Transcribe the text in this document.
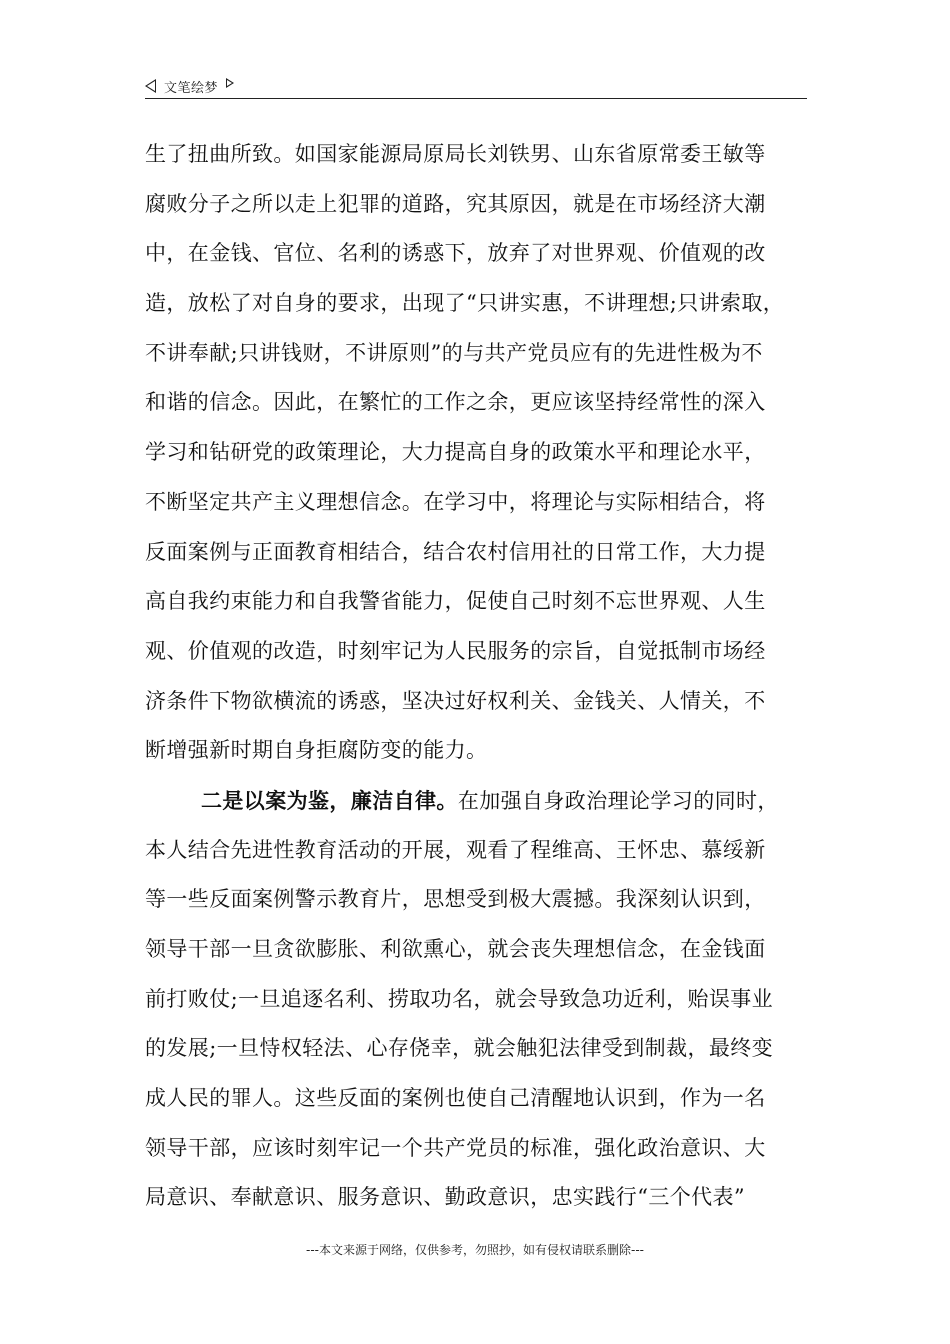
文笔绘梦
生了扭曲所致。如国家能源局原局长刘铁男、山东省原常委王敏等
腐败分子之所以走上犯罪的道路，究其原因，就是在市场经济大潮
中，在金钱、官位、名利的诱惑下，放弃了对世界观、价值观的改
造，放松了对自身的要求，出现了“只讲实惠，不讲理想;只讲索取，
不讲奉献;只讲钱财，不讲原则”的与共产党员应有的先进性极为不
和谐的信念。因此，在繁忙的工作之余，更应该坚持经常性的深入
学习和钻研党的政策理论，大力提高自身的政策水平和理论水平，
不断坚定共产主义理想信念。在学习中，将理论与实际相结合，将
反面案例与正面教育相结合，结合农村信用社的日常工作，大力提
高自我约束能力和自我警省能力，促使自己时刻不忘世界观、人生
观、价值观的改造，时刻牢记为人民服务的宗旨，自觉抵制市场经
济条件下物欲横流的诱惑，坚决过好权利关、金钱关、人情关，不
断增强新时期自身拒腐防变的能力。
二是以案为鉴，廉洁自律。在加强自身政治理论学习的同时，
本人结合先进性教育活动的开展，观看了程维高、王怀忠、慕绥新
等一些反面案例警示教育片，思想受到极大震撼。我深刻认识到，
领导干部一旦贪欲膨胀、利欲熏心，就会丧失理想信念，在金钱面
前打败仗;一旦追逐名利、捞取功名，就会导致急功近利，贻误事业
的发展;一旦恃权轻法、心存侥幸，就会触犯法律受到制裁，最终变
成人民的罪人。这些反面的案例也使自己清醒地认识到，作为一名
领导干部，应该时刻牢记一个共产党员的标准，强化政治意识、大
局意识、奉献意识、服务意识、勤政意识，忠实践行“三个代表”
---本文来源于网络，仅供参考，勿照抄，如有侵权请联系删除---
